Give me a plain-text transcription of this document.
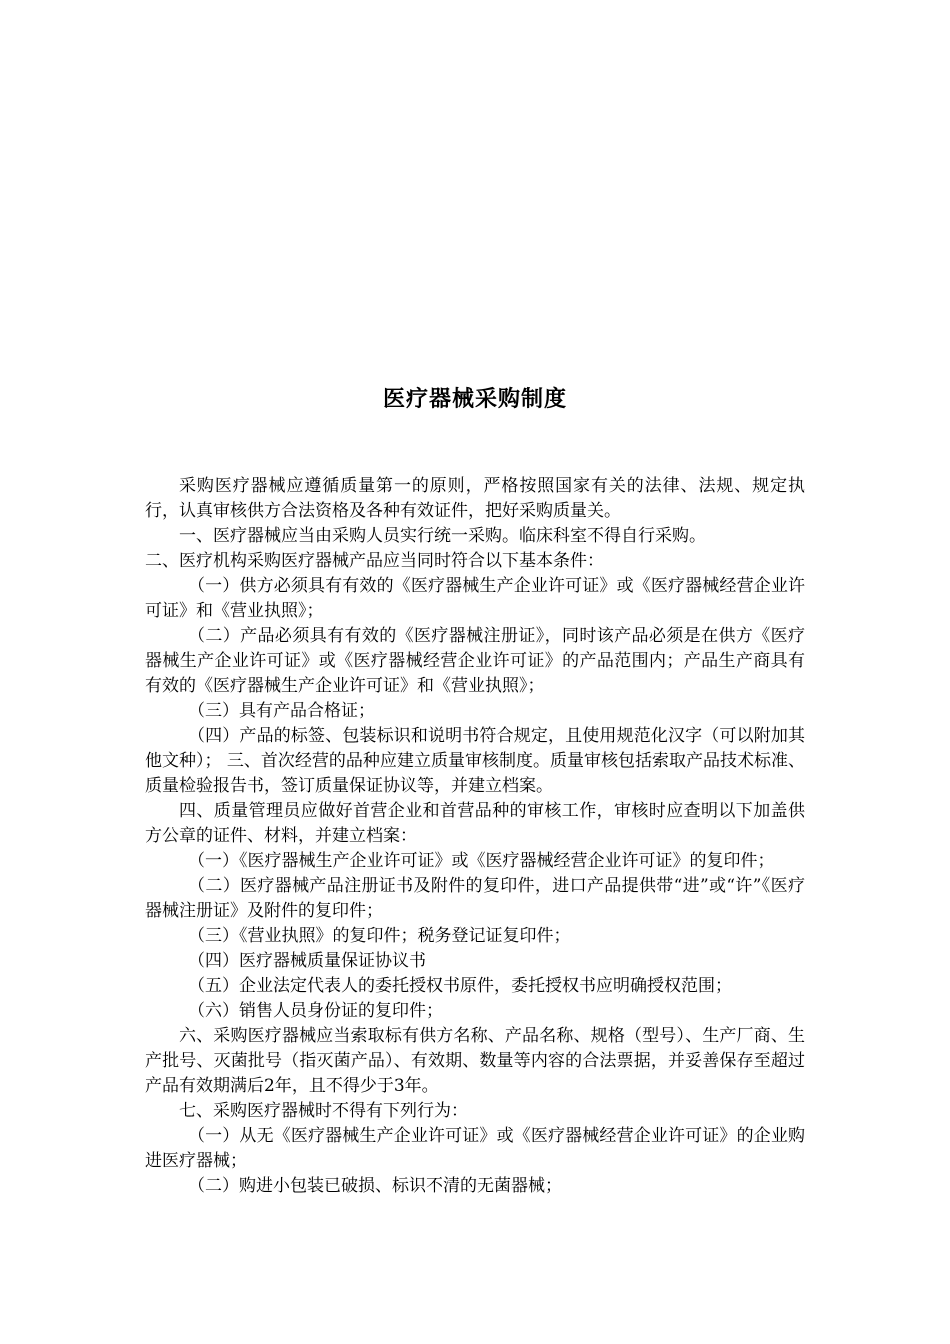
医疗器械采购制度

采购医疗器械应遵循质量第一的原则，严格按照国家有关的法律、法规、规定执行，认真审核供方合法资格及各种有效证件，把好采购质量关。

一、医疗器械应当由采购人员实行统一采购。临床科室不得自行采购。

二、医疗机构采购医疗器械产品应当同时符合以下基本条件：

（一）供方必须具有有效的《医疗器械生产企业许可证》或《医疗器械经营企业许可证》和《营业执照》；

（二）产品必须具有有效的《医疗器械注册证》，同时该产品必须是在供方《医疗器械生产企业许可证》或《医疗器械经营企业许可证》的产品范围内；产品生产商具有有效的《医疗器械生产企业许可证》和《营业执照》；

（三）具有产品合格证；

（四）产品的标签、包装标识和说明书符合规定，且使用规范化汉字（可以附加其他文种）； 三、首次经营的品种应建立质量审核制度。质量审核包括索取产品技术标准、质量检验报告书，签订质量保证协议等，并建立档案。

四、质量管理员应做好首营企业和首营品种的审核工作，审核时应查明以下加盖供方公章的证件、材料，并建立档案：

（一）《医疗器械生产企业许可证》或《医疗器械经营企业许可证》的复印件；

（二）医疗器械产品注册证书及附件的复印件，进口产品提供带“进”或“许”《医疗器械注册证》及附件的复印件；

（三）《营业执照》的复印件；税务登记证复印件；

（四）医疗器械质量保证协议书

（五）企业法定代表人的委托授权书原件，委托授权书应明确授权范围；

（六）销售人员身份证的复印件；

六、采购医疗器械应当索取标有供方名称、产品名称、规格（型号）、生产厂商、生产批号、灭菌批号（指灭菌产品）、有效期、数量等内容的合法票据，并妥善保存至超过产品有效期满后2年，且不得少于3年。

七、采购医疗器械时不得有下列行为：

（一）从无《医疗器械生产企业许可证》或《医疗器械经营企业许可证》的企业购进医疗器械；

（二）购进小包装已破损、标识不清的无菌器械；
